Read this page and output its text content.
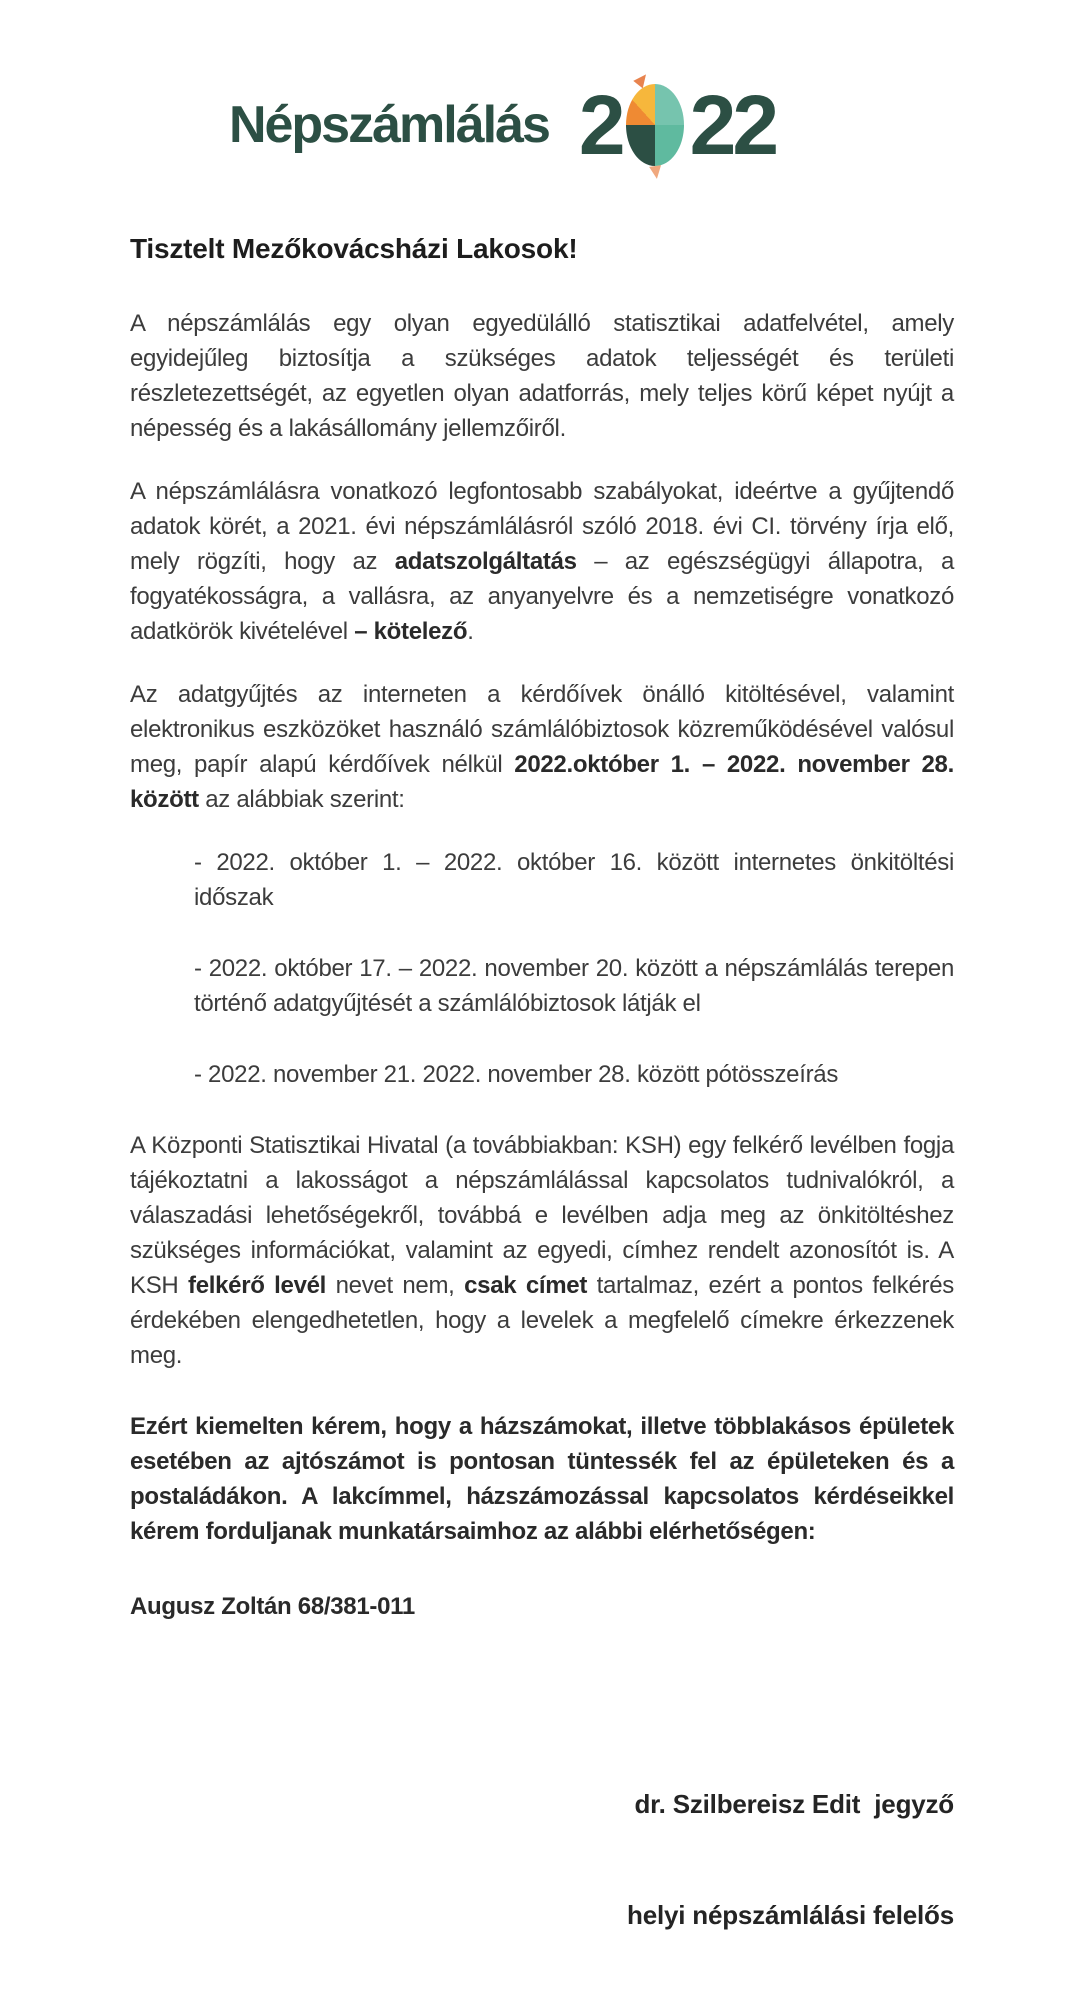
Népszámlálás 2 22
Tisztelt Mezőkovácsházi Lakosok!

A népszámlálás egy olyan egyedülálló statisztikai adatfelvétel, amely egyidejűleg biztosítja a szükséges adatok teljességét és területi részletezettségét, az egyetlen olyan adatforrás, mely teljes körű képet nyújt a népesség és a lakásállomány jellemzőiről.

A népszámlálásra vonatkozó legfontosabb szabályokat, ideértve a gyűjtendő adatok körét, a 2021. évi népszámlálásról szóló 2018. évi CI. törvény írja elő, mely rögzíti, hogy az adatszolgáltatás – az egészségügyi állapotra, a fogyatékosságra, a vallásra, az anyanyelvre és a nemzetiségre vonatkozó adatkörök kivételével – kötelező.

Az adatgyűjtés az interneten a kérdőívek önálló kitöltésével, valamint elektronikus eszközöket használó számlálóbiztosok közreműködésével valósul meg, papír alapú kérdőívek nélkül 2022.október 1. – 2022. november 28. között az alábbiak szerint:

- 2022. október 1. – 2022. október 16. között internetes önkitöltési időszak

- 2022. október 17. – 2022. november 20. között a népszámlálás terepen történő adatgyűjtését a számlálóbiztosok látják el

- 2022. november 21. 2022. november 28. között pótösszeírás

A Központi Statisztikai Hivatal (a továbbiakban: KSH) egy felkérő levélben fogja tájékoztatni a lakosságot a népszámlálással kapcsolatos tudnivalókról, a válaszadási lehetőségekről, továbbá e levélben adja meg az önkitöltéshez szükséges információkat, valamint az egyedi, címhez rendelt azonosítót is. A KSH felkérő levél nevet nem, csak címet tartalmaz, ezért a pontos felkérés érdekében elengedhetetlen, hogy a levelek a megfelelő címekre érkezzenek meg.

Ezért kiemelten kérem, hogy a házszámokat, illetve többlakásos épületek esetében az ajtószámot is pontosan tüntessék fel az épületeken és a postaládákon. A lakcímmel, házszámozással kapcsolatos kérdéseikkel kérem forduljanak munkatársaimhoz az alábbi elérhetőségen:

Augusz Zoltán 68/381-011

dr. Szilbereisz Edit  jegyző

helyi népszámlálási felelős
